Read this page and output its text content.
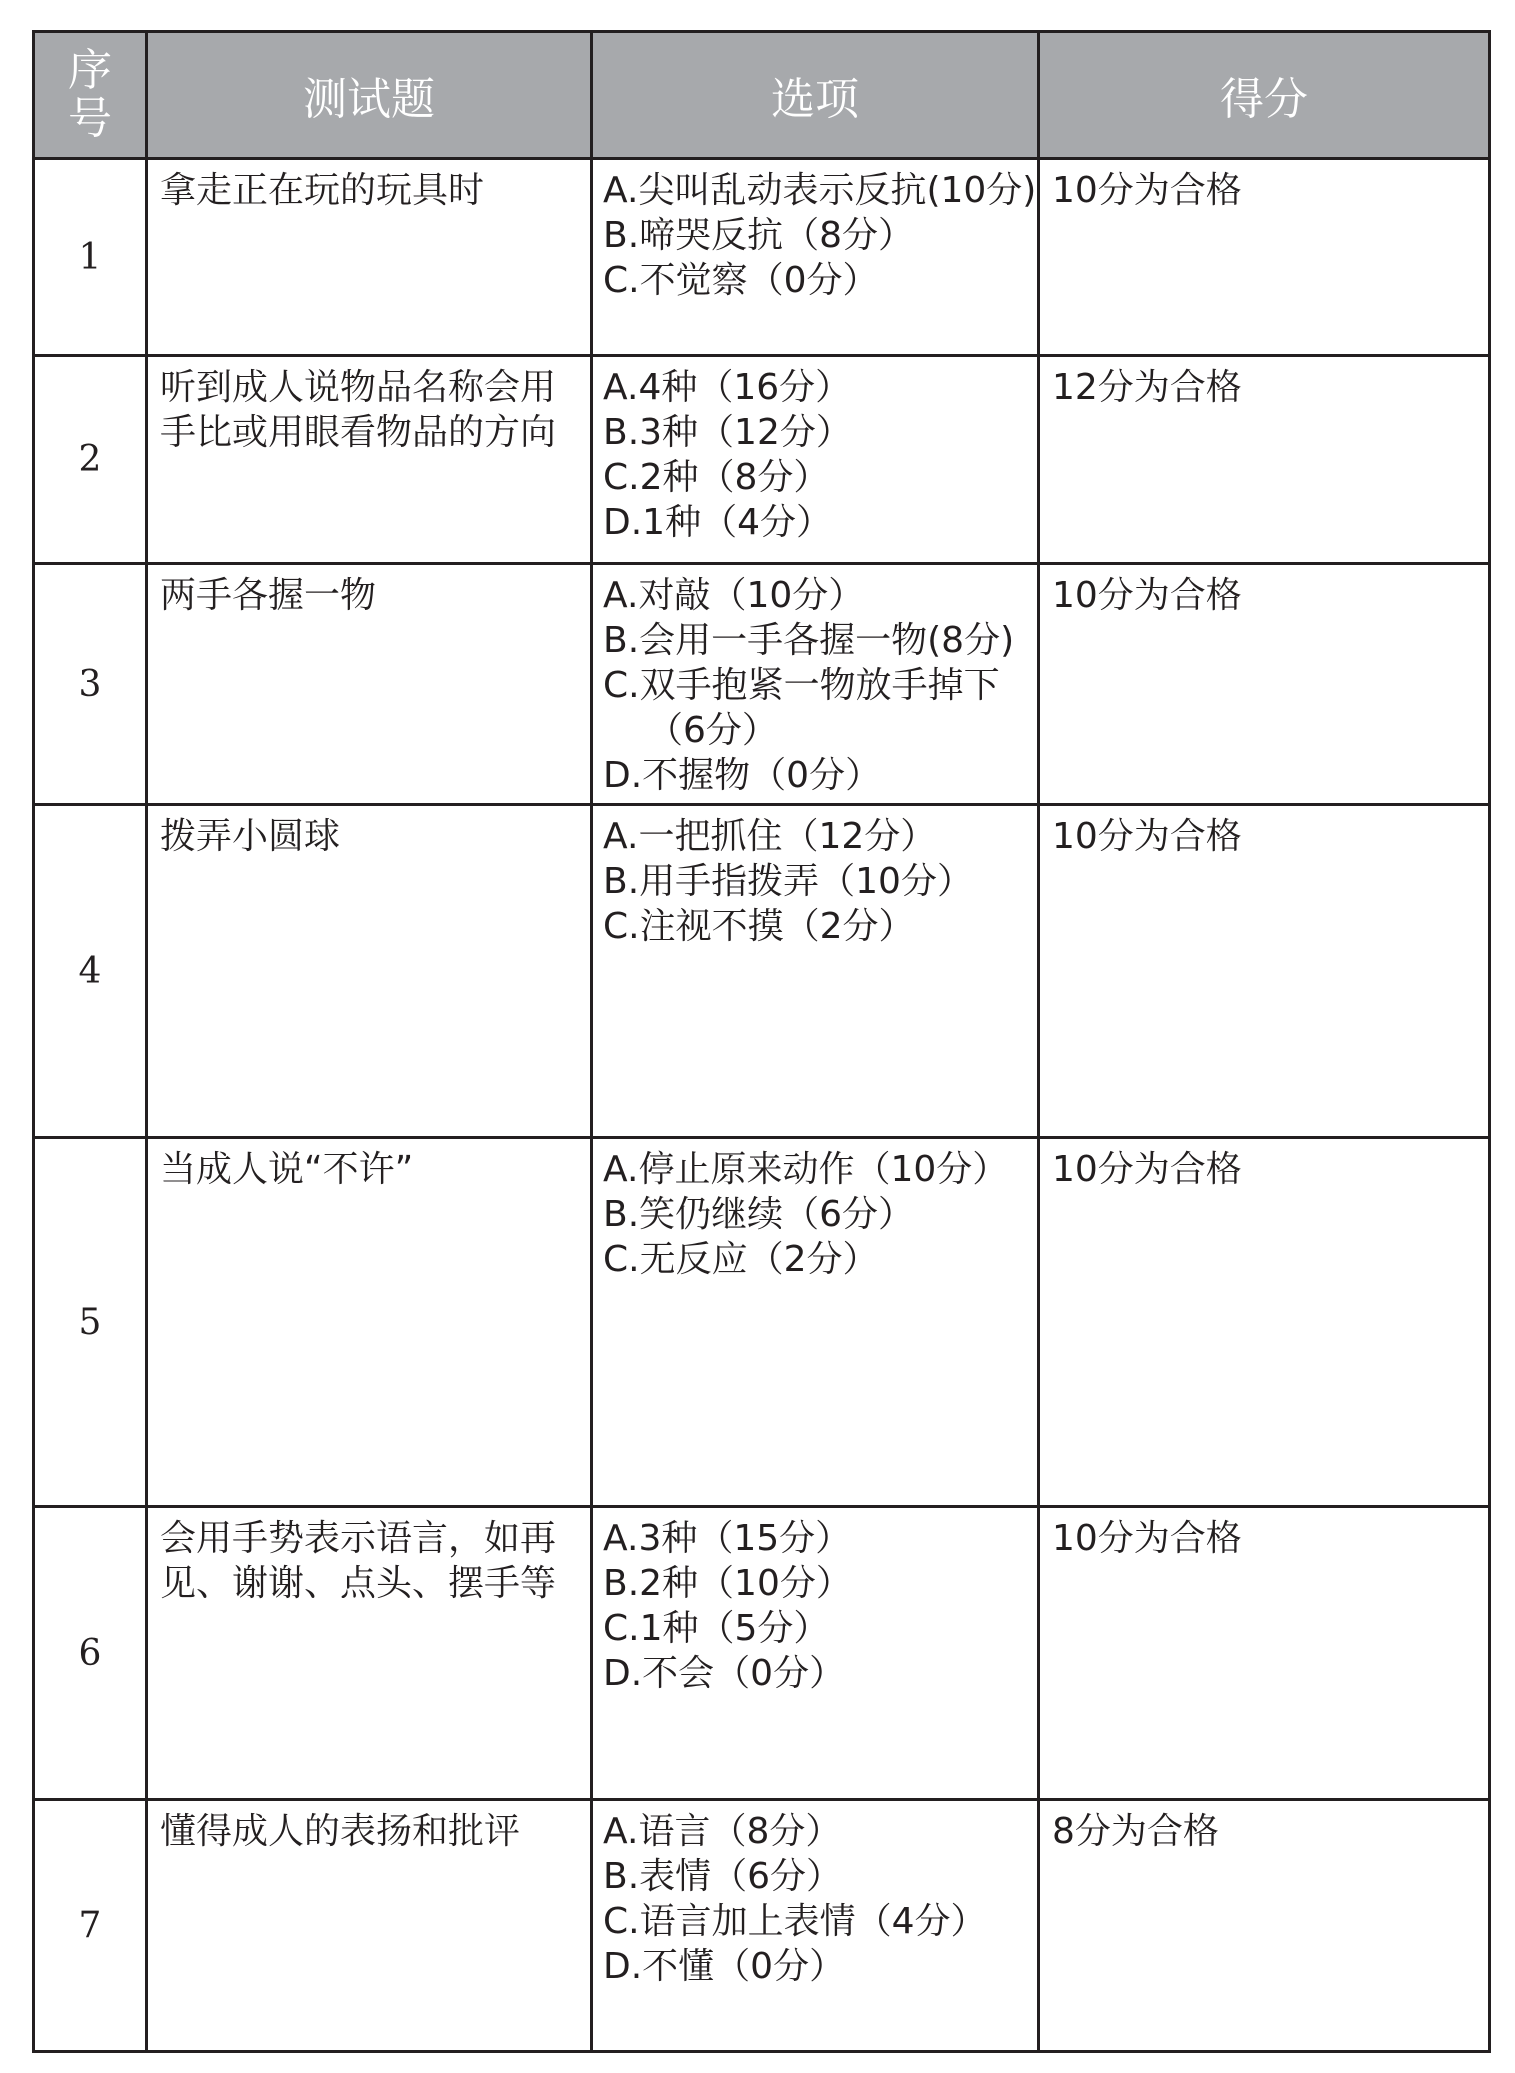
序号	测试题	选项	得分
1	拿走正在玩的玩具时	A.尖叫乱动表示反抗(10分)
B.啼哭反抗（8分）
C.不觉察（0分）	10分为合格
2	听到成人说物品名称会用手比或用眼看物品的方向	A.4种（16分）
B.3种（12分）
C.2种（8分）
D.1种（4分）	12分为合格
3	两手各握一物	A.对敲（10分）
B.会用一手各握一物(8分)
C.双手抱紧一物放手掉下（6分）
D.不握物（0分）	10分为合格
4	拨弄小圆球	A.一把抓住（12分）
B.用手指拨弄（10分）
C.注视不摸（2分）	10分为合格
5	当成人说“不许”	A.停止原来动作（10分）
B.笑仍继续（6分）
C.无反应（2分）	10分为合格
6	会用手势表示语言，如再见、谢谢、点头、摆手等	A.3种（15分）
B.2种（10分）
C.1种（5分）
D.不会（0分）	10分为合格
7	懂得成人的表扬和批评	A.语言（8分）
B.表情（6分）
C.语言加上表情（4分）
D.不懂（0分）	8分为合格
